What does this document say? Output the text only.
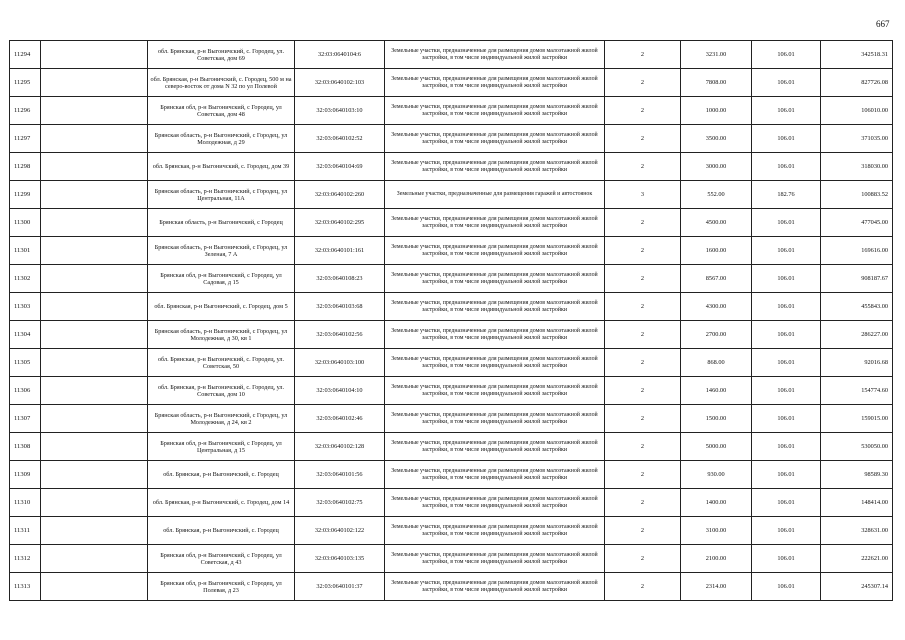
667
11294		обл. Брянская, р-н Выгоничский, с. Городец, ул. Советская, дом 69	32:03:0640104:6	Земельные участки, предназначенные для размещения домов малоэтажной жилой застройки, в том числе индивидуальной жилой застройки	2	3231.00	106.01	342518.31
11295		обл. Брянская, р-н Выгоничский, с. Городец, 500 м на северо-восток от дома N 32 по ул Полевой	32:03:0640102:103	Земельные участки, предназначенные для размещения домов малоэтажной жилой застройки, в том числе индивидуальной жилой застройки	2	7808.00	106.01	827726.08
11296		Брянская обл, р-н Выгоничский, с Городец, ул Советская, дом 48	32:03:0640103:10	Земельные участки, предназначенные для размещения домов малоэтажной жилой застройки, в том числе индивидуальной жилой застройки	2	1000.00	106.01	106010.00
11297		Брянская область, р-н Выгоничский, с Городец, ул Молодежная, д 29	32:03:0640102:52	Земельные участки, предназначенные для размещения домов малоэтажной жилой застройки, в том числе индивидуальной жилой застройки	2	3500.00	106.01	371035.00
11298		обл. Брянская, р-н Выгоничский, с. Городец, дом 39	32:03:0640104:69	Земельные участки, предназначенные для размещения домов малоэтажной жилой застройки, в том числе индивидуальной жилой застройки	2	3000.00	106.01	318030.00
11299		Брянская область, р-н Выгоничский, с Городец, ул Центральная, 11А	32:03:0640102:260	Земельные участки, предназначенные для размещения гаражей и автостоянок	3	552.00	182.76	100883.52
11300		Брянская область, р-н Выгоничский, с Городец	32:03:0640102:295	Земельные участки, предназначенные для размещения домов малоэтажной жилой застройки, в том числе индивидуальной жилой застройки	2	4500.00	106.01	477045.00
11301		Брянская область, р-н Выгоничский, с Городец, ул Зеленая, 7 А	32:03:0640101:161	Земельные участки, предназначенные для размещения домов малоэтажной жилой застройки, в том числе индивидуальной жилой застройки	2	1600.00	106.01	169616.00
11302		Брянская обл, р-н Выгоничский, с Городец, ул Садовая, д 15	32:03:0640108:23	Земельные участки, предназначенные для размещения домов малоэтажной жилой застройки, в том числе индивидуальной жилой застройки	2	8567.00	106.01	908187.67
11303		обл. Брянская, р-н Выгоничский, с. Городец, дом 5	32:03:0640103:68	Земельные участки, предназначенные для размещения домов малоэтажной жилой застройки, в том числе индивидуальной жилой застройки	2	4300.00	106.01	455843.00
11304		Брянская область, р-н Выгоничский, с Городец, ул Молодежная, д 30, кв 1	32:03:0640102:56	Земельные участки, предназначенные для размещения домов малоэтажной жилой застройки, в том числе индивидуальной жилой застройки	2	2700.00	106.01	286227.00
11305		обл. Брянская, р-н Выгоничский, с. Городец, ул. Советская, 50	32:03:0640103:100	Земельные участки, предназначенные для размещения домов малоэтажной жилой застройки, в том числе индивидуальной жилой застройки	2	868.00	106.01	92016.68
11306		обл. Брянская, р-н Выгоничский, с. Городец, ул. Советская, дом 10	32:03:0640104:10	Земельные участки, предназначенные для размещения домов малоэтажной жилой застройки, в том числе индивидуальной жилой застройки	2	1460.00	106.01	154774.60
11307		Брянская область, р-н Выгоничский, с Городец, ул Молодежная, д 24, кв 2	32:03:0640102:46	Земельные участки, предназначенные для размещения домов малоэтажной жилой застройки, в том числе индивидуальной жилой застройки	2	1500.00	106.01	159015.00
11308		Брянская обл, р-н Выгоничский, с Городец, ул Центральная, д 15	32:03:0640102:128	Земельные участки, предназначенные для размещения домов малоэтажной жилой застройки, в том числе индивидуальной жилой застройки	2	5000.00	106.01	530050.00
11309		обл. Брянская, р-н Выгоничский, с. Городец	32:03:0640101:56	Земельные участки, предназначенные для размещения домов малоэтажной жилой застройки, в том числе индивидуальной жилой застройки	2	930.00	106.01	98589.30
11310		обл. Брянская, р-н Выгоничский, с. Городец, дом 14	32:03:0640102:75	Земельные участки, предназначенные для размещения домов малоэтажной жилой застройки, в том числе индивидуальной жилой застройки	2	1400.00	106.01	148414.00
11311		обл. Брянская, р-н Выгоничский, с. Городец	32:03:0640102:122	Земельные участки, предназначенные для размещения домов малоэтажной жилой застройки, в том числе индивидуальной жилой застройки	2	3100.00	106.01	328631.00
11312		Брянская обл, р-н Выгоничский, с Городец, ул Советская, д 43	32:03:0640103:135	Земельные участки, предназначенные для размещения домов малоэтажной жилой застройки, в том числе индивидуальной жилой застройки	2	2100.00	106.01	222621.00
11313		Брянская обл, р-н Выгоничский, с Городец, ул Полевая, д 23	32:03:0640101:37	Земельные участки, предназначенные для размещения домов малоэтажной жилой застройки, в том числе индивидуальной жилой застройки	2	2314.00	106.01	245307.14
